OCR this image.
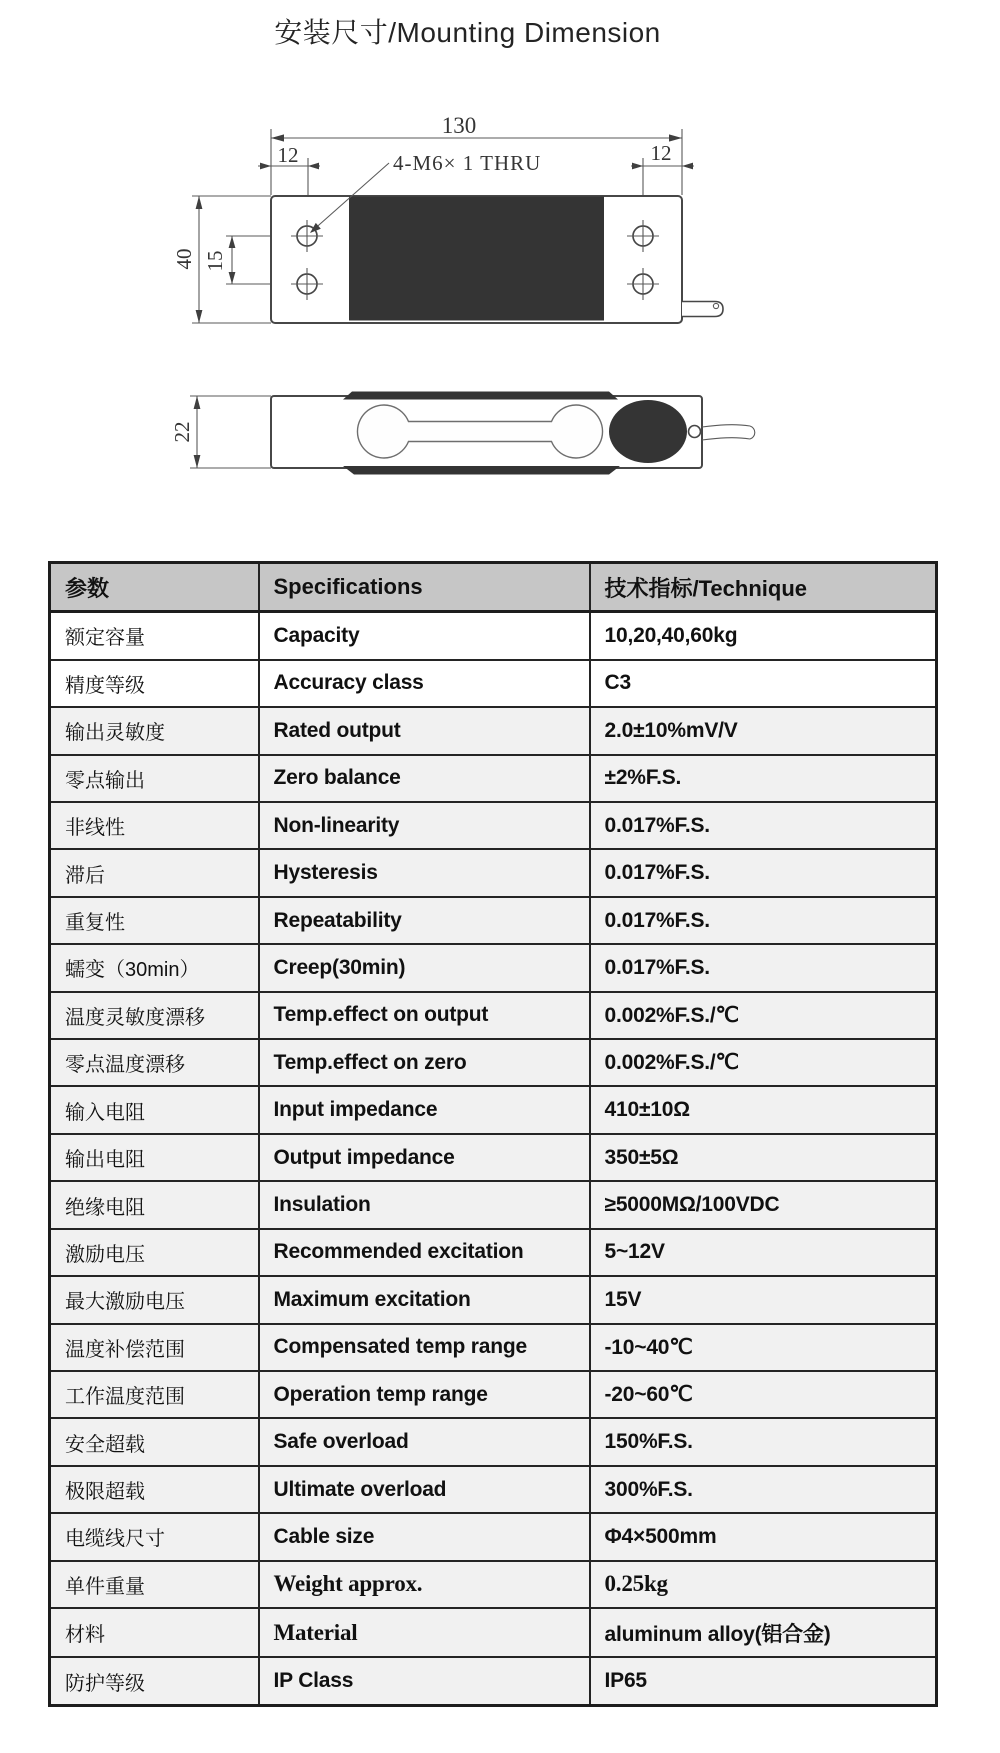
安装尺寸/Mounting Dimension
130
12	12
40 15
4-M6× 1 THRU
22
参数	Specifications	技术指标/Technique
额定容量	Capacity	10,20,40,60kg
精度等级	Accuracy class	C3
输出灵敏度	Rated output	2.0±10%mV/V
零点输出	Zero balance	±2%F.S.
非线性	Non-linearity	0.017%F.S.
滞后	Hysteresis	0.017%F.S.
重复性	Repeatability	0.017%F.S.
蠕变（30min）	Creep(30min)	0.017%F.S.
温度灵敏度漂移	Temp.effect on output	0.002%F.S./℃
零点温度漂移	Temp.effect on zero	0.002%F.S./℃
输入电阻	Input impedance	410±10Ω
输出电阻	Output impedance	350±5Ω
绝缘电阻	Insulation	≥5000MΩ/100VDC
激励电压	Recommended excitation	5~12V
最大激励电压	Maximum excitation	15V
温度补偿范围	Compensated temp range	-10~40℃
工作温度范围	Operation temp range	-20~60℃
安全超载	Safe overload	150%F.S.
极限超载	Ultimate overload	300%F.S.
电缆线尺寸	Cable size	Φ4×500mm
单件重量	Weight approx.	0.25kg
材料	Material	aluminum alloy(铝合金)
防护等级	IP Class	IP65
